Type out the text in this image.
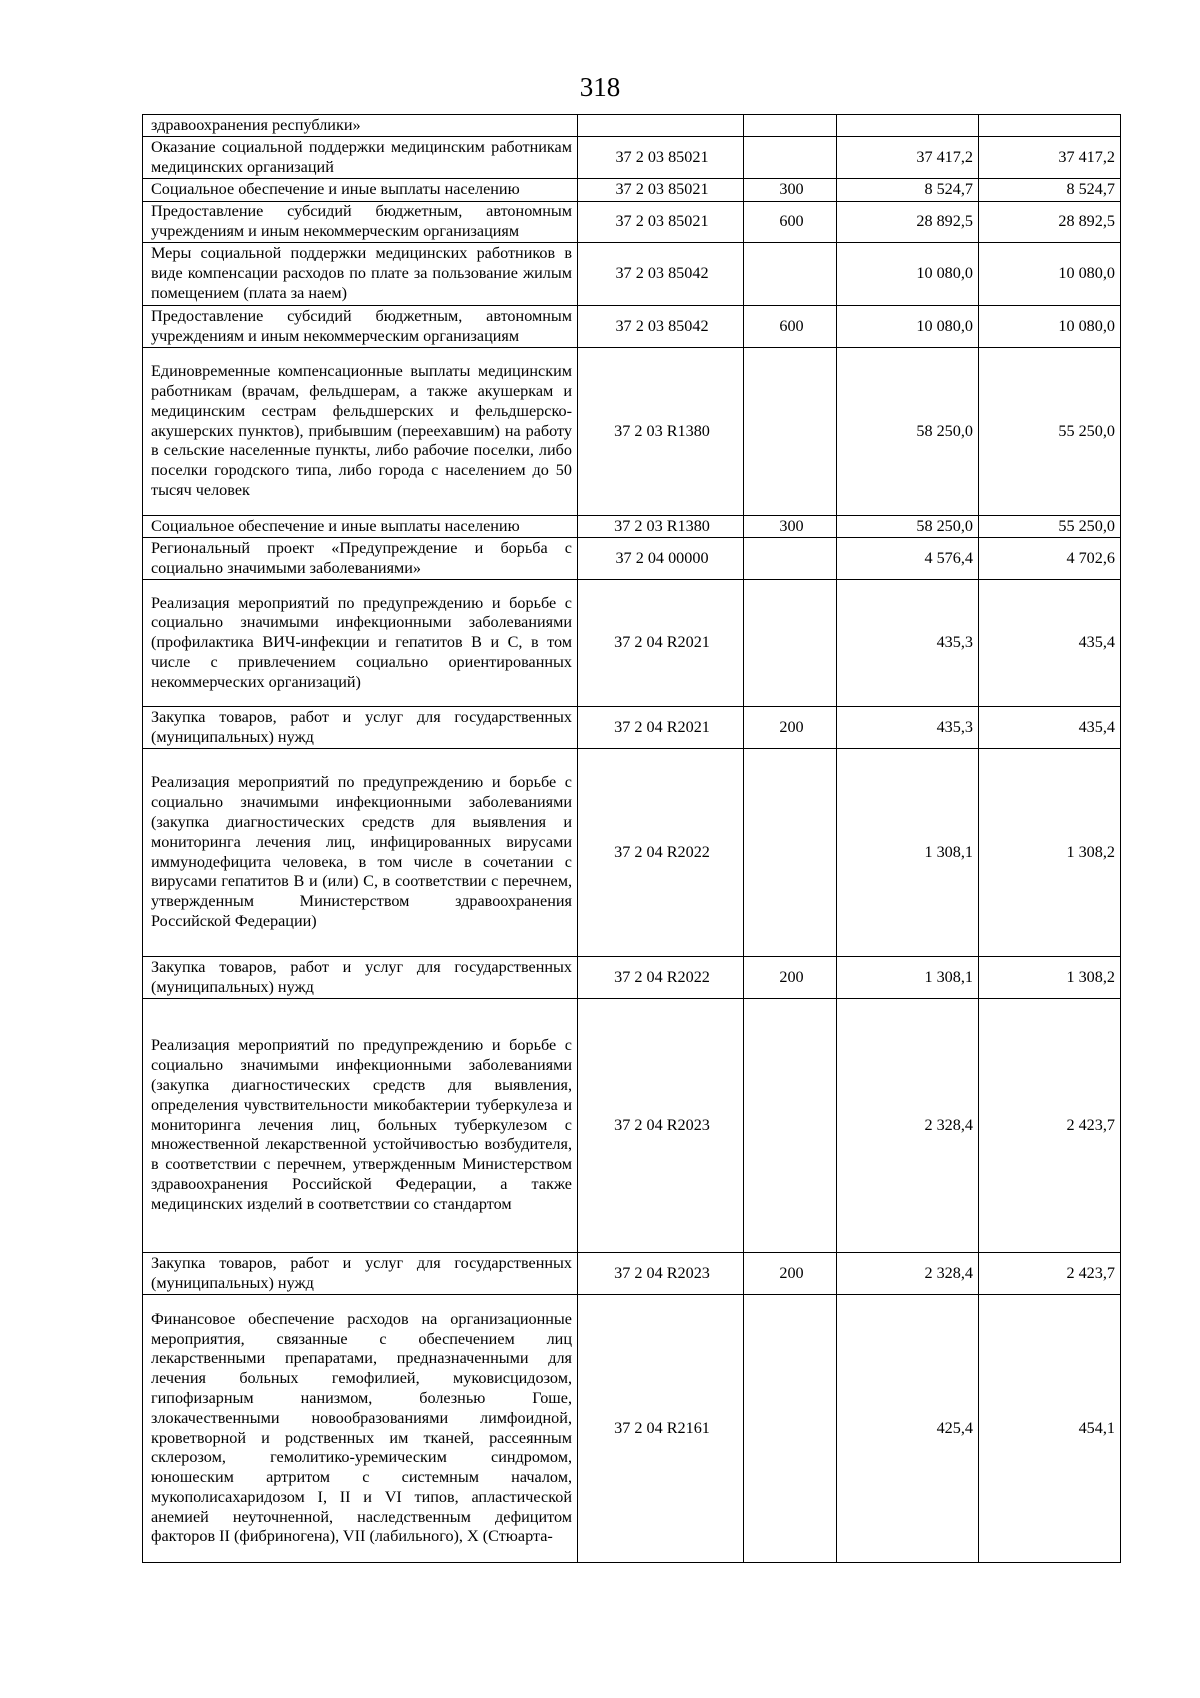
318
здравоохранения республики»				
Оказание социальной поддержки медицинским работникам медицинских организаций	37 2 03 85021		37 417,2	37 417,2
Социальное обеспечение и иные выплаты населению	37 2 03 85021	300	8 524,7	8 524,7
Предоставление субсидий бюджетным, автономным учреждениям и иным некоммерческим организациям	37 2 03 85021	600	28 892,5	28 892,5
Меры социальной поддержки медицинских работников в виде компенсации расходов по плате за пользование жилым помещением (плата за наем)	37 2 03 85042		10 080,0	10 080,0
Предоставление субсидий бюджетным, автономным учреждениям и иным некоммерческим организациям	37 2 03 85042	600	10 080,0	10 080,0
Единовременные компенсационные выплаты медицинским работникам (врачам, фельдшерам, а также акушеркам и медицинским сестрам фельдшерских и фельдшерско-акушерских пунктов), прибывшим (переехавшим) на работу в сельские населенные пункты, либо рабочие поселки, либо поселки городского типа, либо города с населением до 50 тысяч человек	37 2 03 R1380		58 250,0	55 250,0
Социальное обеспечение и иные выплаты населению	37 2 03 R1380	300	58 250,0	55 250,0
Региональный проект «Предупреждение и борьба с социально значимыми заболеваниями»	37 2 04 00000		4 576,4	4 702,6
Реализация мероприятий по предупреждению и борьбе с социально значимыми инфекционными заболеваниями (профилактика ВИЧ-инфекции и гепатитов В и С, в том числе с привлечением социально ориентированных некоммерческих организаций)	37 2 04 R2021		435,3	435,4
Закупка товаров, работ и услуг для государственных (муниципальных) нужд	37 2 04 R2021	200	435,3	435,4
Реализация мероприятий по предупреждению и борьбе с социально значимыми инфекционными заболеваниями (закупка диагностических средств для выявления и мониторинга лечения лиц, инфицированных вирусами иммунодефицита человека, в том числе в сочетании с вирусами гепатитов В и (или) С, в соответствии с перечнем, утвержденным Министерством здравоохранения Российской Федерации)	37 2 04 R2022		1 308,1	1 308,2
Закупка товаров, работ и услуг для государственных (муниципальных) нужд	37 2 04 R2022	200	1 308,1	1 308,2
Реализация мероприятий по предупреждению и борьбе с социально значимыми инфекционными заболеваниями (закупка диагностических средств для выявления, определения чувствительности микобактерии туберкулеза и мониторинга лечения лиц, больных туберкулезом с множественной лекарственной устойчивостью возбудителя, в соответствии с перечнем, утвержденным Министерством здравоохранения Российской Федерации, а также медицинских изделий в соответствии со стандартом	37 2 04 R2023		2 328,4	2 423,7
Закупка товаров, работ и услуг для государственных (муниципальных) нужд	37 2 04 R2023	200	2 328,4	2 423,7
Финансовое обеспечение расходов на организационные мероприятия, связанные с обеспечением лиц лекарственными препаратами, предназначенными для лечения больных гемофилией, муковисцидозом, гипофизарным нанизмом, болезнью Гоше, злокачественными новообразованиями лимфоидной, кроветворной и родственных им тканей, рассеянным склерозом, гемолитико-уремическим синдромом, юношеским артритом с системным началом, мукополисахаридозом I, II и VI типов, апластической анемией неуточненной, наследственным дефицитом факторов II (фибриногена), VII (лабильного), X (Стюарта-	37 2 04 R2161		425,4	454,1
